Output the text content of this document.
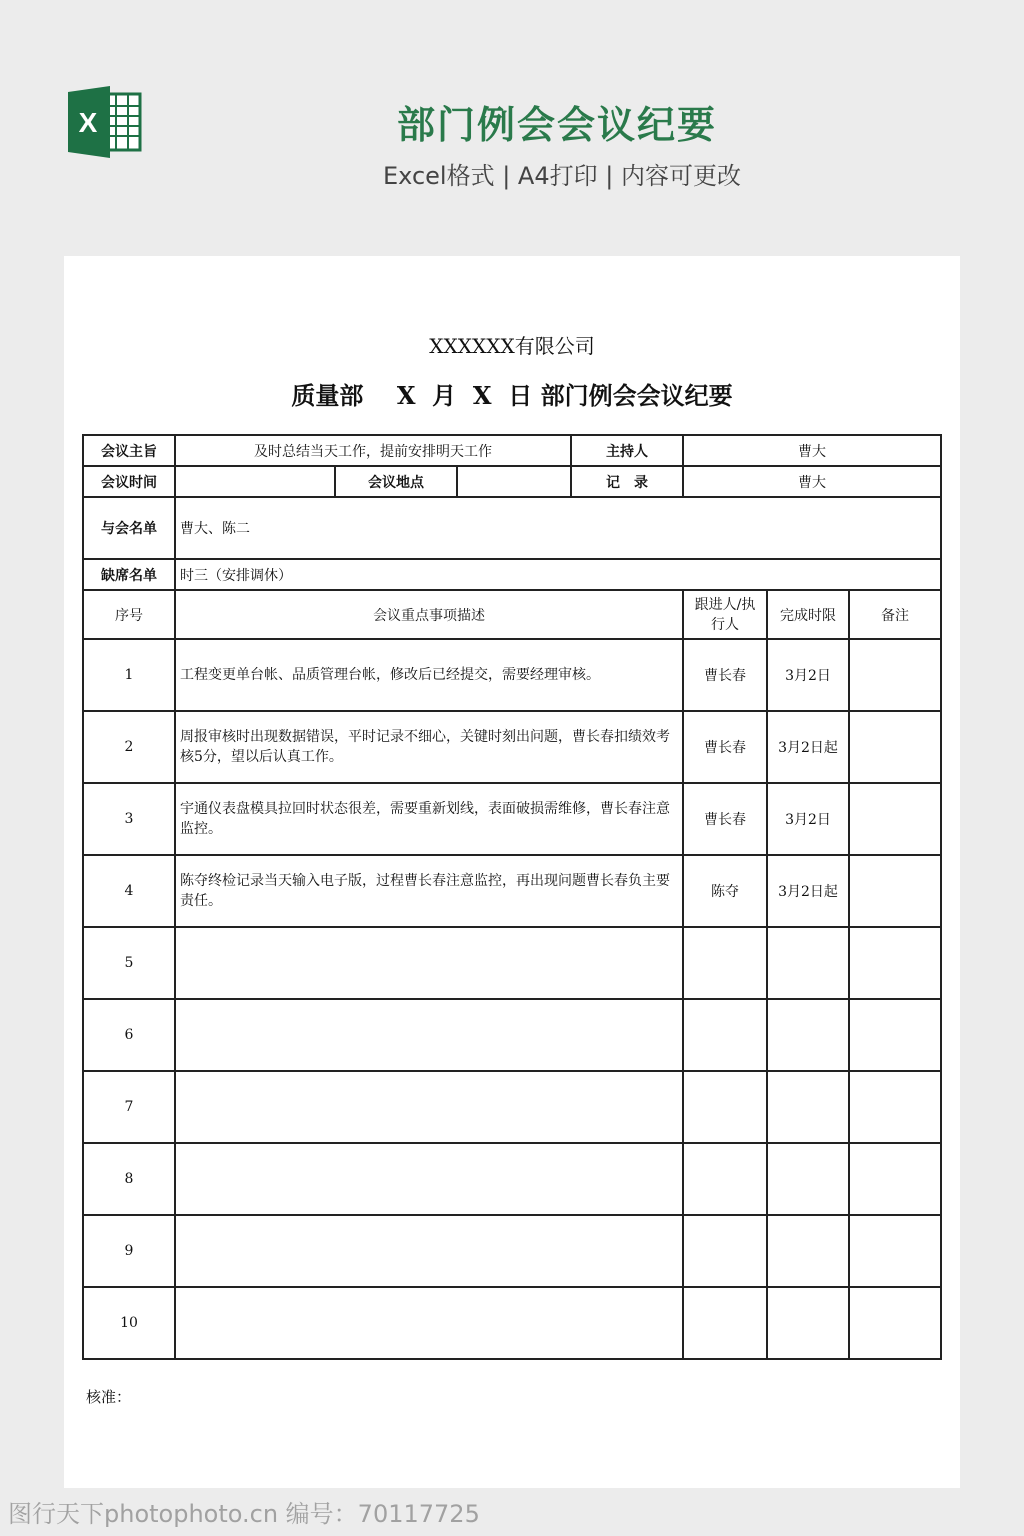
X	部门例会会议纪要
Excel格式 | A4打印 | 内容可更改
XXXXXX有限公司
质量部    X  月  X  日 部门例会会议纪要
会议主旨	及时总结当天工作，提前安排明天工作			主持人	曹大		
会议时间		会议地点		记　录	曹大		
与会名单	曹大、陈二						
缺席名单	时三（安排调休）						
序号	会议重点事项描述				跟进人/执行人	完成时限	备注
1	工程变更单台帐、品质管理台帐，修改后已经提交，需要经理审核。				曹长春	3月2日	
2	周报审核时出现数据错误，平时记录不细心，关键时刻出问题，曹长春扣绩效考核5分，望以后认真工作。				曹长春	3月2日起	
3	宇通仪表盘模具拉回时状态很差，需要重新划线，表面破损需维修，曹长春注意监控。				曹长春	3月2日	
4	陈夺终检记录当天输入电子版，过程曹长春注意监控，再出现问题曹长春负主要责任。				陈夺	3月2日起	
5							
6							
7							
8							
9							
10							
核准：
图行天下photophoto.cn 编号：70117725
